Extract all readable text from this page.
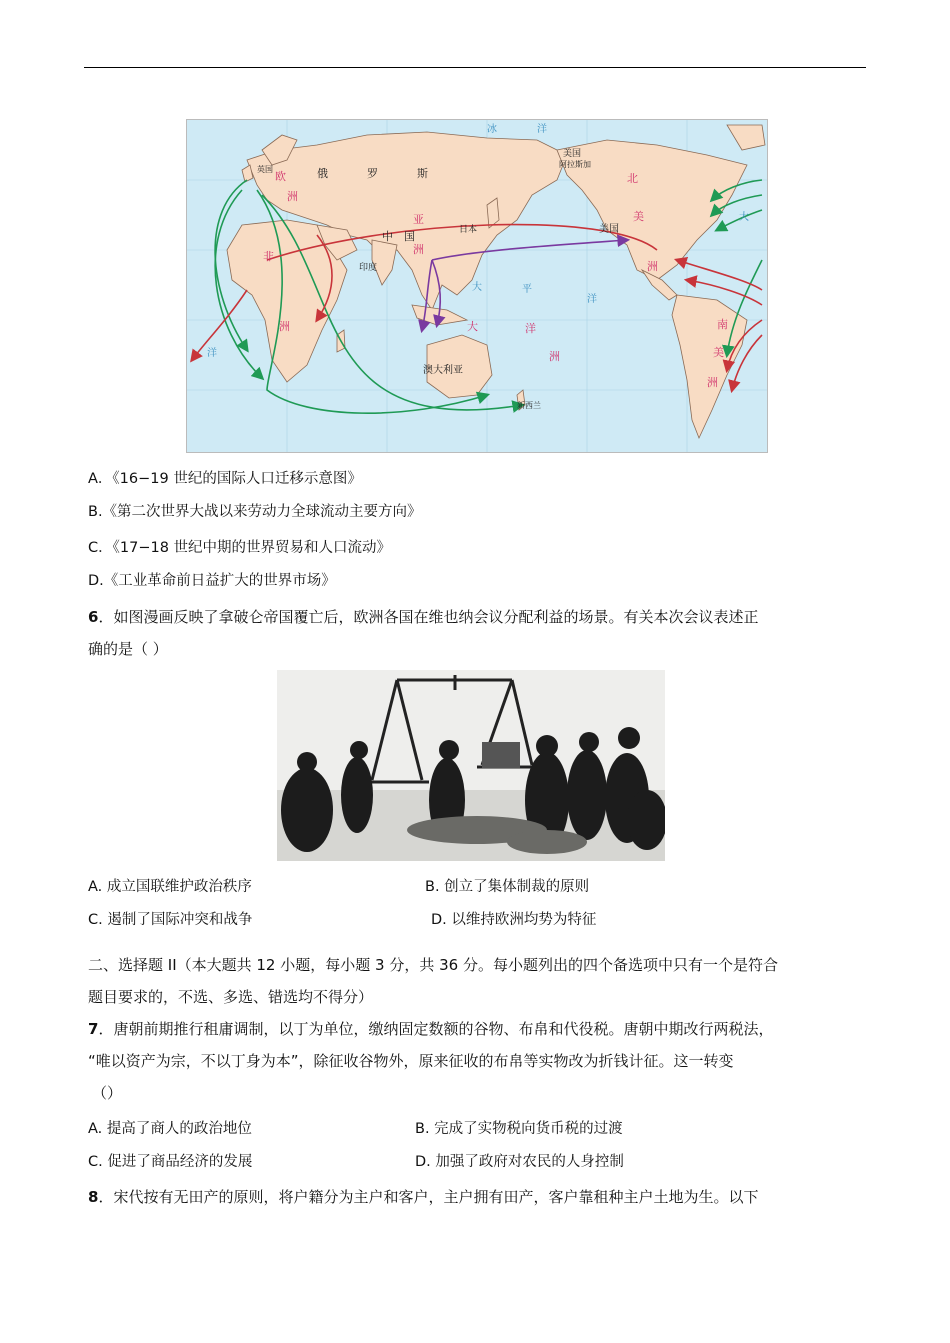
俄	罗	斯
中　国
印度
日本
美国
阿拉斯加
美国
澳大利亚
新西兰
英国
亚
洲
非
洲
欧
洲
北
美
洲
南
美
洲
大	洋
洲
大	平
洋
大
洋
冰	洋
A．《16−19 世纪的国际人口迁移示意图》
B.《第二次世界大战以来劳动力全球流动主要方向》
C．《17−18 世纪中期的世界贸易和人口流动》
D.《工业革命前日益扩大的世界市场》
6．如图漫画反映了拿破仑帝国覆亡后，欧洲各国在维也纳会议分配利益的场景。有关本次会议表述正
确的是（ ）
A. 成立国联维护政治秩序	B. 创立了集体制裁的原则
C. 遏制了国际冲突和战争	D. 以维持欧洲均势为特征
二、选择题 II（本大题共 12 小题，每小题 3 分，共 36 分。每小题列出的四个备选项中只有一个是符合
题目要求的，不选、多选、错选均不得分）
7．唐朝前期推行租庸调制，以丁为单位，缴纳固定数额的谷物、布帛和代役税。唐朝中期改行两税法，
“唯以资产为宗，不以丁身为本”，除征收谷物外，原来征收的布帛等实物改为折钱计征。这一转变
（）
A. 提高了商人的政治地位	B. 完成了实物税向货币税的过渡
C. 促进了商品经济的发展	D. 加强了政府对农民的人身控制
8．宋代按有无田产的原则，将户籍分为主户和客户，主户拥有田产，客户靠租种主户土地为生。以下
